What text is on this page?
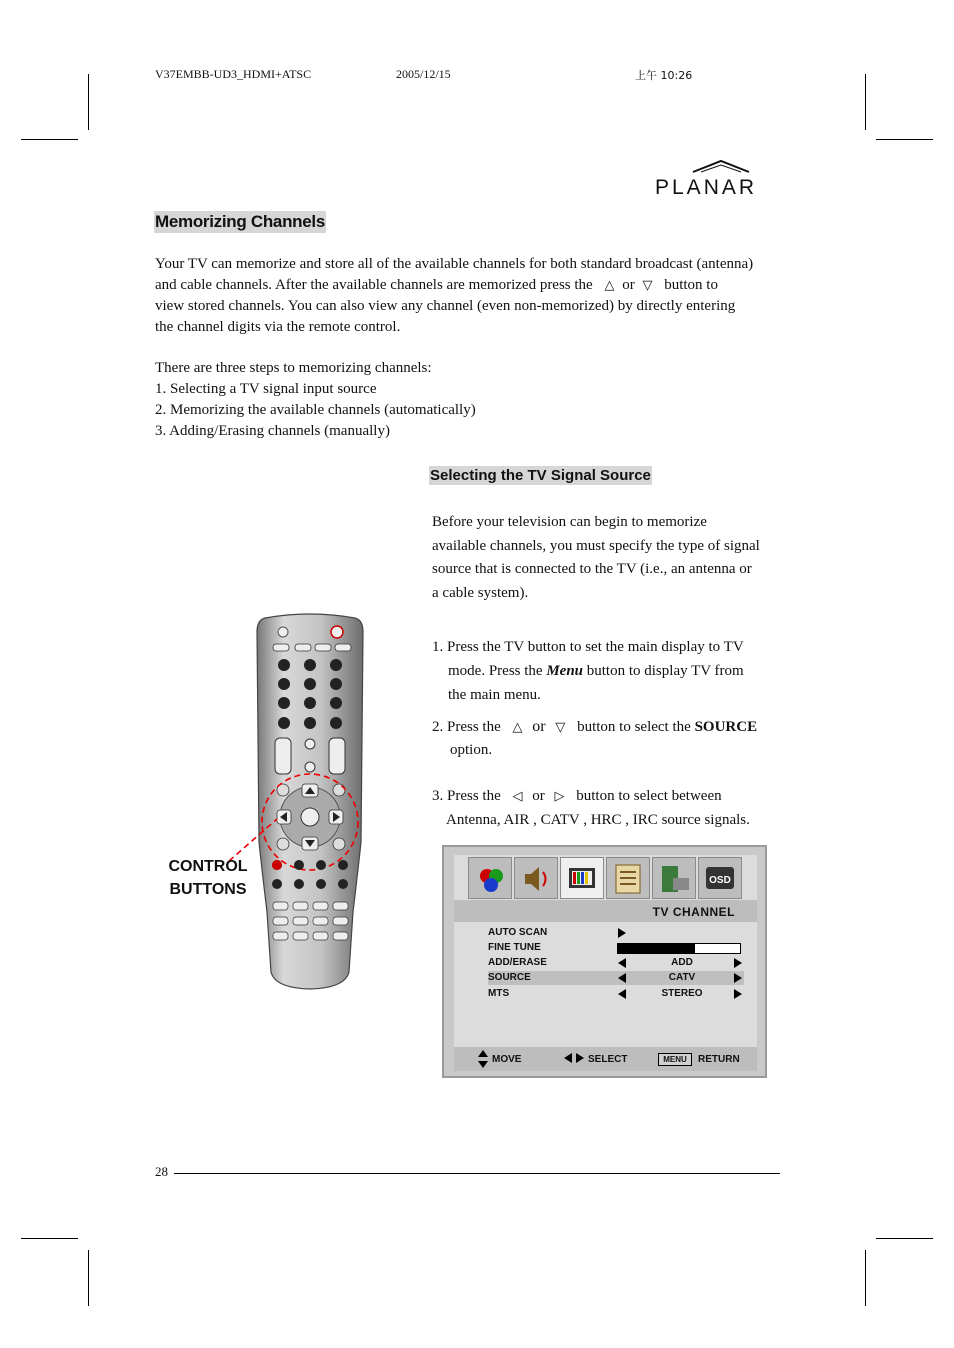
V37EMBB-UD3_HDMI+ATSC	2005/12/15	上午 10:26
PLANAR
Memorizing Channels
Your TV can memorize and store all of the available channels for both standard broadcast (antenna)
and cable channels. After the available channels are memorized press the △ or ▽ button to
view stored channels. You can also view any channel (even non-memorized) by directly entering
the channel digits via the remote control.
There are three steps to memorizing channels:
1. Selecting a TV signal input source
2. Memorizing the available channels (automatically)
3. Adding/Erasing channels (manually)
Selecting the TV Signal Source
Before your television can begin to memorize
available channels, you must specify the type of signal
source that is connected to the TV (i.e., an antenna or
a cable system).
1. Press the TV button to set the main display to TV
mode. Press the Menu button to display TV from
the main menu.
2. Press the △ or ▽ button to select the SOURCE
option.
3. Press the ◁ or ▷ button to select between
Antenna, AIR , CATV , HRC , IRC source signals.
CONTROL
BUTTONS
OSD
TV CHANNEL
AUTO SCAN
FINE TUNE
ADD/ERASE	ADD
SOURCE	CATV
MTS	STEREO
MOVE	SELECT	MENU	RETURN
28
